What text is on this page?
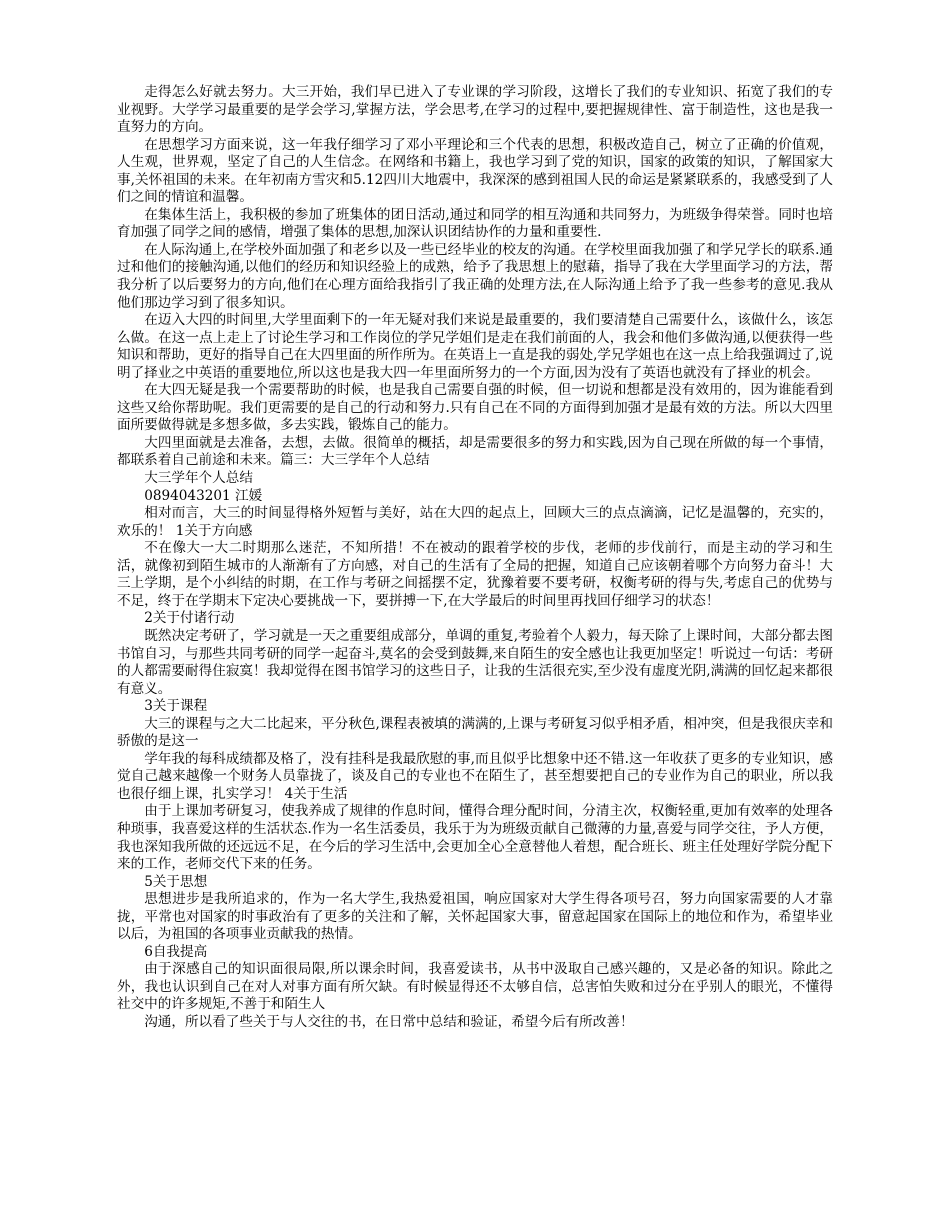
走得怎么好就去努力。大三开始，我们早已进入了专业课的学习阶段，这增长了我们的专业知识、拓宽了我们的专业视野。大学学习最重要的是学会学习,掌握方法，学会思考,在学习的过程中,要把握规律性、富于制造性，这也是我一直努力的方向。

在思想学习方面来说，这一年我仔细学习了邓小平理论和三个代表的思想，积极改造自己，树立了正确的价值观，人生观，世界观，坚定了自己的人生信念。在网络和书籍上，我也学习到了党的知识，国家的政策的知识，了解国家大事,关怀祖国的未来。在年初南方雪灾和5.12四川大地震中，我深深的感到祖国人民的命运是紧紧联系的，我感受到了人们之间的情谊和温馨。

在集体生活上，我积极的参加了班集体的团日活动,通过和同学的相互沟通和共同努力，为班级争得荣誉。同时也培育加强了同学之间的感情，增强了集体的思想,加深认识团结协作的力量和重要性.

在人际沟通上,在学校外面加强了和老乡以及一些已经毕业的校友的沟通。在学校里面我加强了和学兄学长的联系.通过和他们的接触沟通,以他们的经历和知识经验上的成熟，给予了我思想上的慰藉，指导了我在大学里面学习的方法，帮我分析了以后要努力的方向,他们在心理方面给我指引了我正确的处理方法,在人际沟通上给予了我一些参考的意见.我从他们那边学习到了很多知识。

在迈入大四的时间里,大学里面剩下的一年无疑对我们来说是最重要的，我们要清楚自己需要什么，该做什么，该怎么做。在这一点上走上了讨论生学习和工作岗位的学兄学姐们是走在我们前面的人，我会和他们多做沟通,以便获得一些知识和帮助，更好的指导自己在大四里面的所作所为。在英语上一直是我的弱处,学兄学姐也在这一点上给我强调过了,说明了择业之中英语的重要地位,所以这也是我大四一年里面所努力的一个方面,因为没有了英语也就没有了择业的机会。

在大四无疑是我一个需要帮助的时候，也是我自己需要自强的时候，但一切说和想都是没有效用的，因为谁能看到这些又给你帮助呢。我们更需要的是自己的行动和努力.只有自己在不同的方面得到加强才是最有效的方法。所以大四里面所要做得就是多想多做，多去实践，锻炼自己的能力。

大四里面就是去准备，去想，去做。很简单的概括，却是需要很多的努力和实践,因为自己现在所做的每一个事情，都联系着自己前途和未来。篇三：大三学年个人总结

大三学年个人总结

0894043201 江媛

相对而言，大三的时间显得格外短暂与美好，站在大四的起点上，回顾大三的点点滴滴，记忆是温馨的，充实的，欢乐的！ 1关于方向感

不在像大一大二时期那么迷茫，不知所措！不在被动的跟着学校的步伐，老师的步伐前行，而是主动的学习和生活，就像初到陌生城市的人渐渐有了方向感，对自己的生活有了全局的把握，知道自己应该朝着哪个方向努力奋斗！大三上学期，是个小纠结的时期，在工作与考研之间摇摆不定，犹豫着要不要考研，权衡考研的得与失,考虑自己的优势与不足，终于在学期末下定决心要挑战一下，要拼搏一下,在大学最后的时间里再找回仔细学习的状态！

2关于付诸行动

既然决定考研了，学习就是一天之重要组成部分，单调的重复,考验着个人毅力，每天除了上课时间，大部分都去图书馆自习，与那些共同考研的同学一起奋斗,莫名的会受到鼓舞,来自陌生的安全感也让我更加坚定！听说过一句话：考研的人都需要耐得住寂寞！我却觉得在图书馆学习的这些日子，让我的生活很充实,至少没有虚度光阴,满满的回忆起来都很有意义。

3关于课程

大三的课程与之大二比起来，平分秋色,课程表被填的满满的,上课与考研复习似乎相矛盾，相冲突，但是我很庆幸和骄傲的是这一

学年我的每科成绩都及格了，没有挂科是我最欣慰的事,而且似乎比想象中还不错.这一年收获了更多的专业知识，感觉自己越来越像一个财务人员靠拢了，谈及自己的专业也不在陌生了，甚至想要把自己的专业作为自己的职业，所以我也很仔细上课，扎实学习！ 4关于生活

由于上课加考研复习，使我养成了规律的作息时间，懂得合理分配时间，分清主次，权衡轻重,更加有效率的处理各种琐事，我喜爱这样的生活状态.作为一名生活委员，我乐于为为班级贡献自己微薄的力量,喜爱与同学交往，予人方便，我也深知我所做的还远远不足，在今后的学习生活中,会更加全心全意替他人着想，配合班长、班主任处理好学院分配下来的工作，老师交代下来的任务。

5关于思想

思想进步是我所追求的，作为一名大学生,我热爱祖国，响应国家对大学生得各项号召，努力向国家需要的人才靠拢，平常也对国家的时事政治有了更多的关注和了解，关怀起国家大事，留意起国家在国际上的地位和作为，希望毕业以后，为祖国的各项事业贡献我的热情。

6自我提高

由于深感自己的知识面很局限,所以课余时间，我喜爱读书，从书中汲取自己感兴趣的，又是必备的知识。除此之外，我也认识到自己在对人对事方面有所欠缺。有时候显得还不太够自信，总害怕失败和过分在乎别人的眼光，不懂得社交中的许多规矩,不善于和陌生人

沟通，所以看了些关于与人交往的书，在日常中总结和验证，希望今后有所改善！
